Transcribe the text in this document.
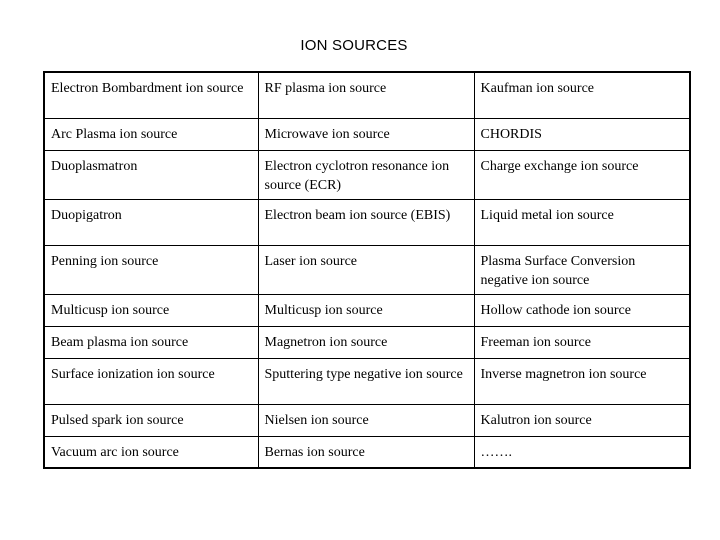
ION SOURCES
Electron Bombardment ion source	RF plasma ion source	Kaufman ion source
Arc Plasma ion source	Microwave ion source	CHORDIS
Duoplasmatron	Electron cyclotron resonance ion source (ECR)	Charge exchange ion source
Duopigatron	Electron beam ion source (EBIS)	Liquid metal ion source
Penning ion source	Laser ion source	Plasma Surface Conversion negative ion source
Multicusp ion source	Multicusp ion source	Hollow cathode ion source
Beam plasma ion source	Magnetron ion source	Freeman ion source
Surface ionization ion source	Sputtering type negative ion source	Inverse magnetron ion source
Pulsed spark ion source	Nielsen ion source	Kalutron ion source
Vacuum arc ion source	Bernas ion source	…….
